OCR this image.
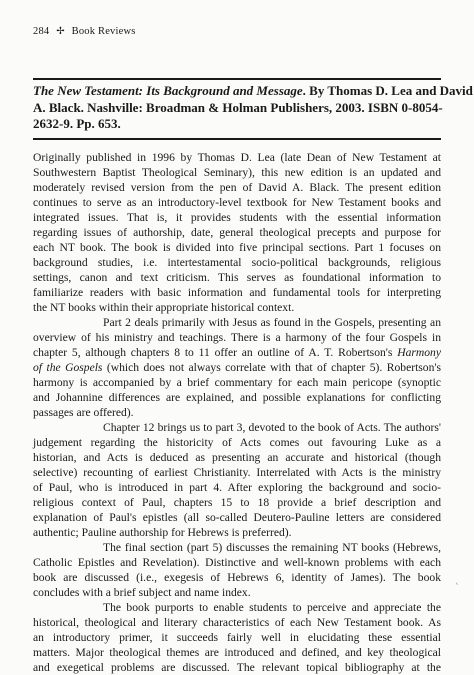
284 ✢ Book Reviews
The New Testament: Its Background and Message. By Thomas D. Lea and David
A. Black. Nashville: Broadman & Holman Publishers, 2003. ISBN 0-8054-
2632-9. Pp. 653.
Originally published in 1996 by Thomas D. Lea (late Dean of New Testament at
Southwestern Baptist Theological Seminary), this new edition is an updated and
moderately revised version from the pen of David A. Black. The present edition
continues to serve as an introductory-level textbook for New Testament books and
integrated issues. That is, it provides students with the essential information
regarding issues of authorship, date, general theological precepts and purpose for
each NT book. The book is divided into five principal sections. Part 1 focuses on
background studies, i.e. intertestamental socio-political backgrounds, religious
settings, canon and text criticism. This serves as foundational information to
familiarize readers with basic information and fundamental tools for interpreting
the NT books within their appropriate historical context.
Part 2 deals primarily with Jesus as found in the Gospels, presenting an
overview of his ministry and teachings. There is a harmony of the four Gospels in
chapter 5, although chapters 8 to 11 offer an outline of A. T. Robertson's Harmony
of the Gospels (which does not always correlate with that of chapter 5). Robertson's
harmony is accompanied by a brief commentary for each main pericope (synoptic
and Johannine differences are explained, and possible explanations for conflicting
passages are offered).
Chapter 12 brings us to part 3, devoted to the book of Acts. The authors'
judgement regarding the historicity of Acts comes out favouring Luke as a
historian, and Acts is deduced as presenting an accurate and historical (though
selective) recounting of earliest Christianity. Interrelated with Acts is the ministry
of Paul, who is introduced in part 4. After exploring the background and socio-
religious context of Paul, chapters 15 to 18 provide a brief description and
explanation of Paul's epistles (all so-called Deutero-Pauline letters are considered
authentic; Pauline authorship for Hebrews is preferred).
The final section (part 5) discusses the remaining NT books (Hebrews,
Catholic Epistles and Revelation). Distinctive and well-known problems with each
book are discussed (i.e., exegesis of Hebrews 6, identity of James). The book
concludes with a brief subject and name index.
The book purports to enable students to perceive and appreciate the
historical, theological and literary characteristics of each New Testament book. As
an introductory primer, it succeeds fairly well in elucidating these essential
matters. Major theological themes are introduced and defined, and key theological
and exegetical problems are discussed. The relevant topical bibliography at the
˛
